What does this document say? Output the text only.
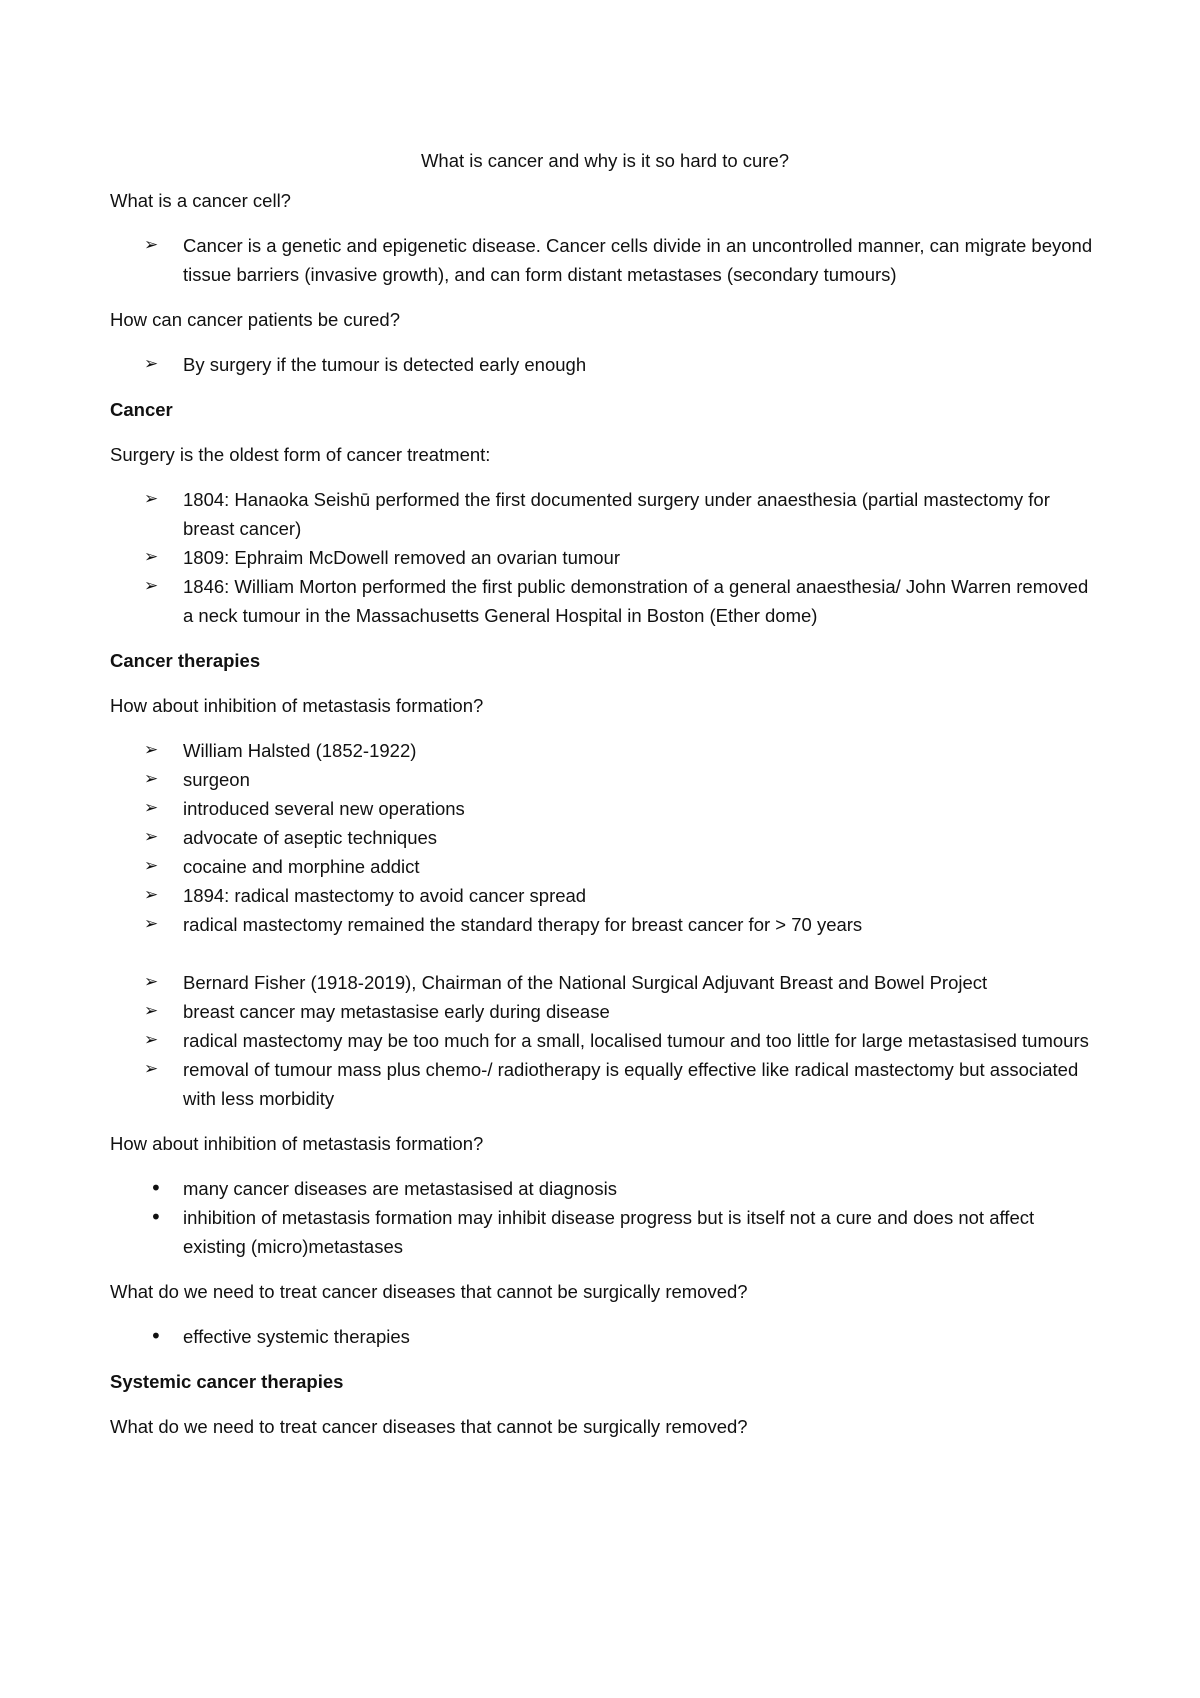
What is cancer and why is it so hard to cure?
What is a cancer cell?
➢	Cancer is a genetic and epigenetic disease. Cancer cells divide in an uncontrolled manner, can migrate beyond tissue barriers (invasive growth), and can form distant metastases (secondary tumours)
How can cancer patients be cured?
➢	By surgery if the tumour is detected early enough
Cancer
Surgery is the oldest form of cancer treatment:
➢	1804: Hanaoka Seishū performed the first documented surgery under anaesthesia (partial mastectomy for breast cancer)
➢	1809: Ephraim McDowell removed an ovarian tumour
➢	1846: William Morton performed the first public demonstration of a general anaesthesia/ John Warren removed a neck tumour in the Massachusetts General Hospital in Boston (Ether dome)
Cancer therapies
How about inhibition of metastasis formation?
➢	William Halsted (1852-1922)
➢	surgeon
➢	introduced several new operations
➢	advocate of aseptic techniques
➢	cocaine and morphine addict
➢	1894: radical mastectomy to avoid cancer spread
➢	radical mastectomy remained the standard therapy for breast cancer for > 70 years
➢	Bernard Fisher (1918-2019), Chairman of the National Surgical Adjuvant Breast and Bowel Project
➢	breast cancer may metastasise early during disease
➢	radical mastectomy may be too much for a small, localised tumour and too little for large metastasised tumours
➢	removal of tumour mass plus chemo-/ radiotherapy is equally effective like radical mastectomy but associated with less morbidity
How about inhibition of metastasis formation?
•	many cancer diseases are metastasised at diagnosis
•	inhibition of metastasis formation may inhibit disease progress but is itself not a cure and does not affect existing (micro)metastases
What do we need to treat cancer diseases that cannot be surgically removed?
•	effective systemic therapies
Systemic cancer therapies
What do we need to treat cancer diseases that cannot be surgically removed?
